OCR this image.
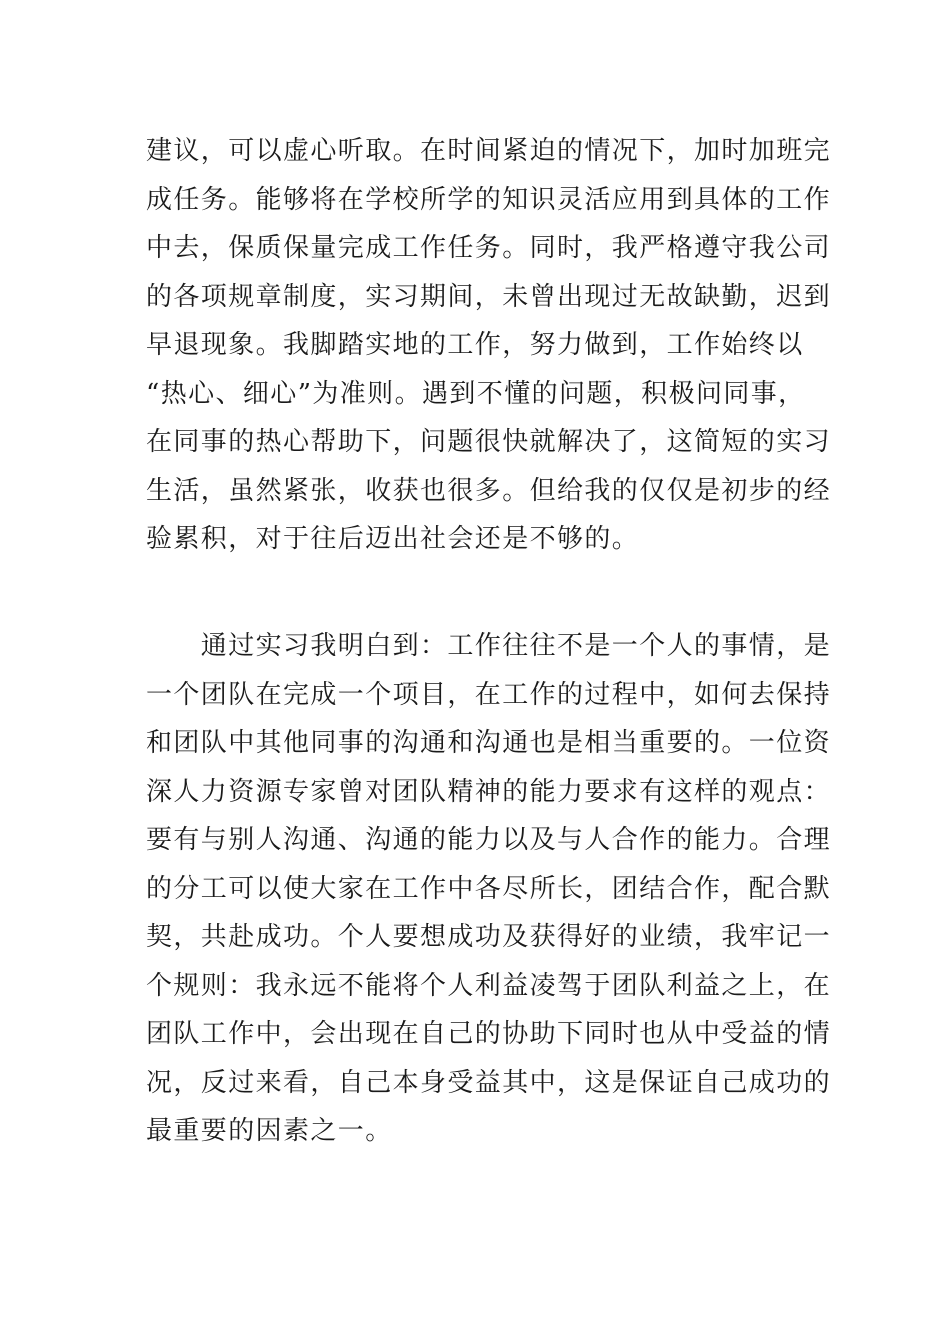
建议，可以虚心听取。在时间紧迫的情况下，加时加班完
成任务。能够将在学校所学的知识灵活应用到具体的工作
中去，保质保量完成工作任务。同时，我严格遵守我公司
的各项规章制度，实习期间，未曾出现过无故缺勤，迟到
早退现象。我脚踏实地的工作，努力做到，工作始终以
“热心、细心”为准则。遇到不懂的问题，积极问同事，
在同事的热心帮助下，问题很快就解决了，这简短的实习
生活，虽然紧张，收获也很多。但给我的仅仅是初步的经
验累积，对于往后迈出社会还是不够的。
　　通过实习我明白到：工作往往不是一个人的事情，是
一个团队在完成一个项目，在工作的过程中，如何去保持
和团队中其他同事的沟通和沟通也是相当重要的。一位资
深人力资源专家曾对团队精神的能力要求有这样的观点：
要有与别人沟通、沟通的能力以及与人合作的能力。合理
的分工可以使大家在工作中各尽所长，团结合作，配合默
契，共赴成功。个人要想成功及获得好的业绩，我牢记一
个规则：我永远不能将个人利益凌驾于团队利益之上，在
团队工作中，会出现在自己的协助下同时也从中受益的情
况，反过来看，自己本身受益其中，这是保证自己成功的
最重要的因素之一。
